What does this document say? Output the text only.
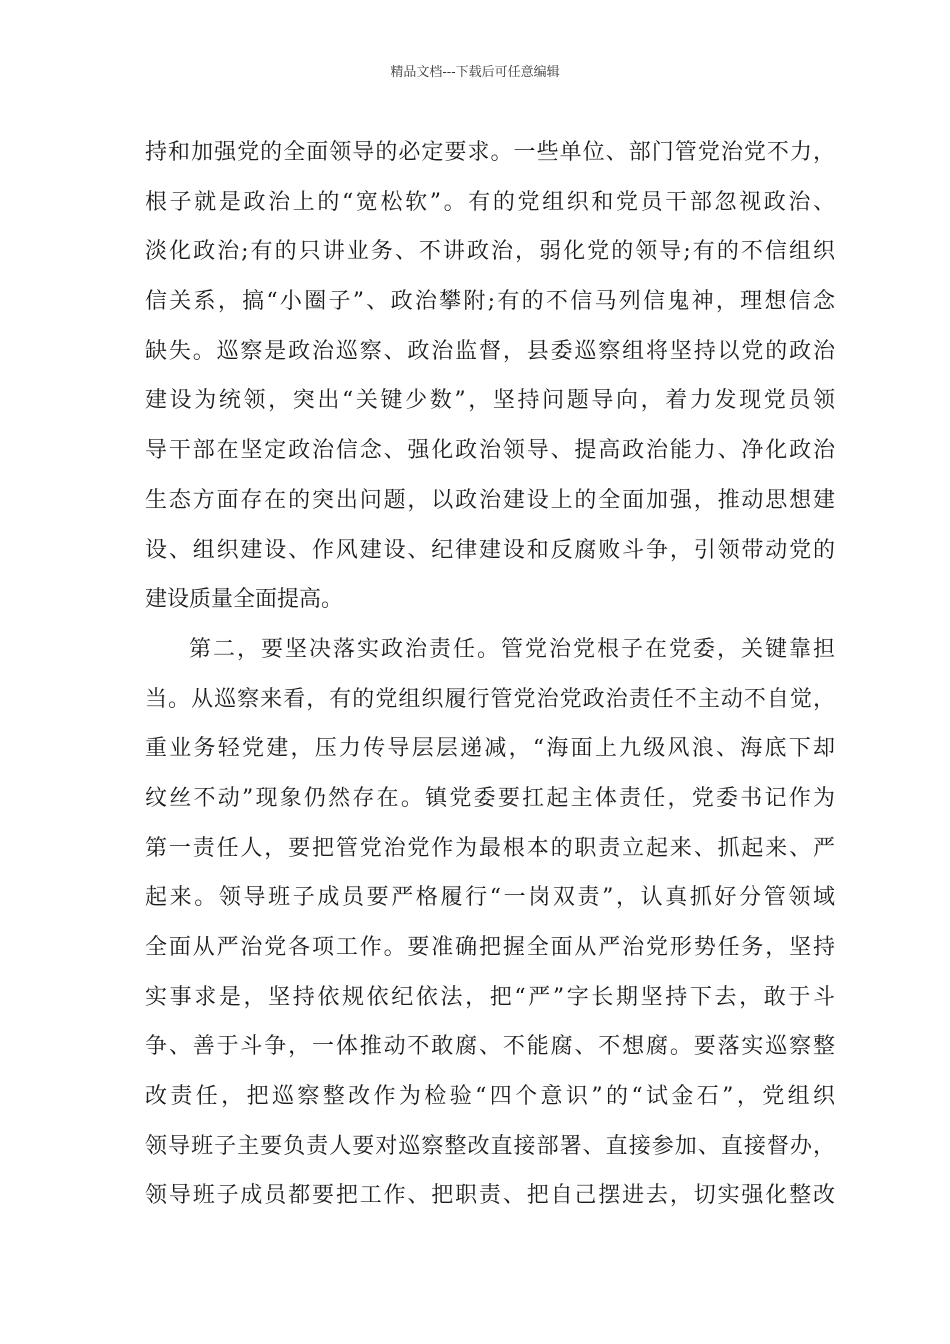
精品文档---下载后可任意编辑
持和加强党的全面领导的必定要求。一些单位、部门管党治党不力，
根子就是政治上的“宽松软”。有的党组织和党员干部忽视政治、
淡化政治;有的只讲业务、不讲政治，弱化党的领导;有的不信组织
信关系，搞“小圈子”、政治攀附;有的不信马列信鬼神，理想信念
缺失。巡察是政治巡察、政治监督，县委巡察组将坚持以党的政治
建设为统领，突出“关键少数”，坚持问题导向，着力发现党员领
导干部在坚定政治信念、强化政治领导、提高政治能力、净化政治
生态方面存在的突出问题，以政治建设上的全面加强，推动思想建
设、组织建设、作风建设、纪律建设和反腐败斗争，引领带动党的
建设质量全面提高。
第二，要坚决落实政治责任。管党治党根子在党委，关键靠担
当。从巡察来看，有的党组织履行管党治党政治责任不主动不自觉，
重业务轻党建，压力传导层层递减，“海面上九级风浪、海底下却
纹丝不动”现象仍然存在。镇党委要扛起主体责任，党委书记作为
第一责任人，要把管党治党作为最根本的职责立起来、抓起来、严
起来。领导班子成员要严格履行“一岗双责”，认真抓好分管领域
全面从严治党各项工作。要准确把握全面从严治党形势任务，坚持
实事求是，坚持依规依纪依法，把“严”字长期坚持下去，敢于斗
争、善于斗争，一体推动不敢腐、不能腐、不想腐。要落实巡察整
改责任，把巡察整改作为检验“四个意识”的“试金石”，党组织
领导班子主要负责人要对巡察整改直接部署、直接参加、直接督办，
领导班子成员都要把工作、把职责、把自己摆进去，切实强化整改
